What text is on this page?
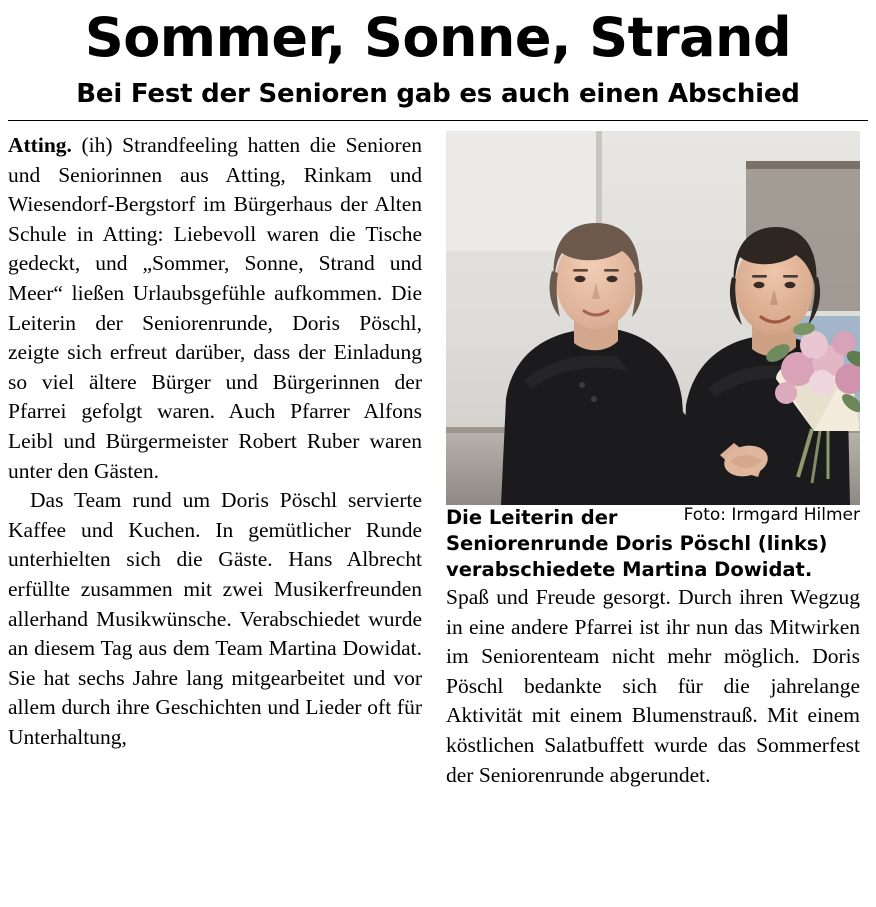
Sommer, Sonne, Strand
Bei Fest der Senioren gab es auch einen Abschied

Atting. (ih) Strandfeeling hatten die Senioren und Seniorinnen aus Atting, Rinkam und Wiesendorf-Bergstorf im Bürgerhaus der Alten Schule in Atting: Liebevoll waren die Tische gedeckt, und „Sommer, Sonne, Strand und Meer“ ließen Urlaubsgefühle aufkommen. Die Leiterin der Seniorenrunde, Doris Pöschl, zeigte sich erfreut darüber, dass der Einladung so viel ältere Bürger und Bürgerinnen der Pfarrei gefolgt waren. Auch Pfarrer Alfons Leibl und Bürgermeister Robert Ruber waren unter den Gästen.

Das Team rund um Doris Pöschl servierte Kaffee und Kuchen. In gemütlicher Runde unterhielten sich die Gäste. Hans Albrecht erfüllte zusammen mit zwei Musikerfreunden allerhand Musikwünsche. Verabschiedet wurde an diesem Tag aus dem Team Martina Dowidat. Sie hat sechs Jahre lang mitgearbeitet und vor allem durch ihre Geschichten und Lieder oft für Unterhaltung,

Foto: Irmgard Hilmer
Die Leiterin der Seniorenrunde Doris Pöschl (links) verabschiedete Martina Dowidat.

Spaß und Freude gesorgt. Durch ihren Wegzug in eine andere Pfarrei ist ihr nun das Mitwirken im Seniorenteam nicht mehr möglich. Doris Pöschl bedankte sich für die jahrelange Aktivität mit einem Blumenstrauß. Mit einem köstlichen Salatbuffett wurde das Sommerfest der Seniorenrunde abgerundet.
